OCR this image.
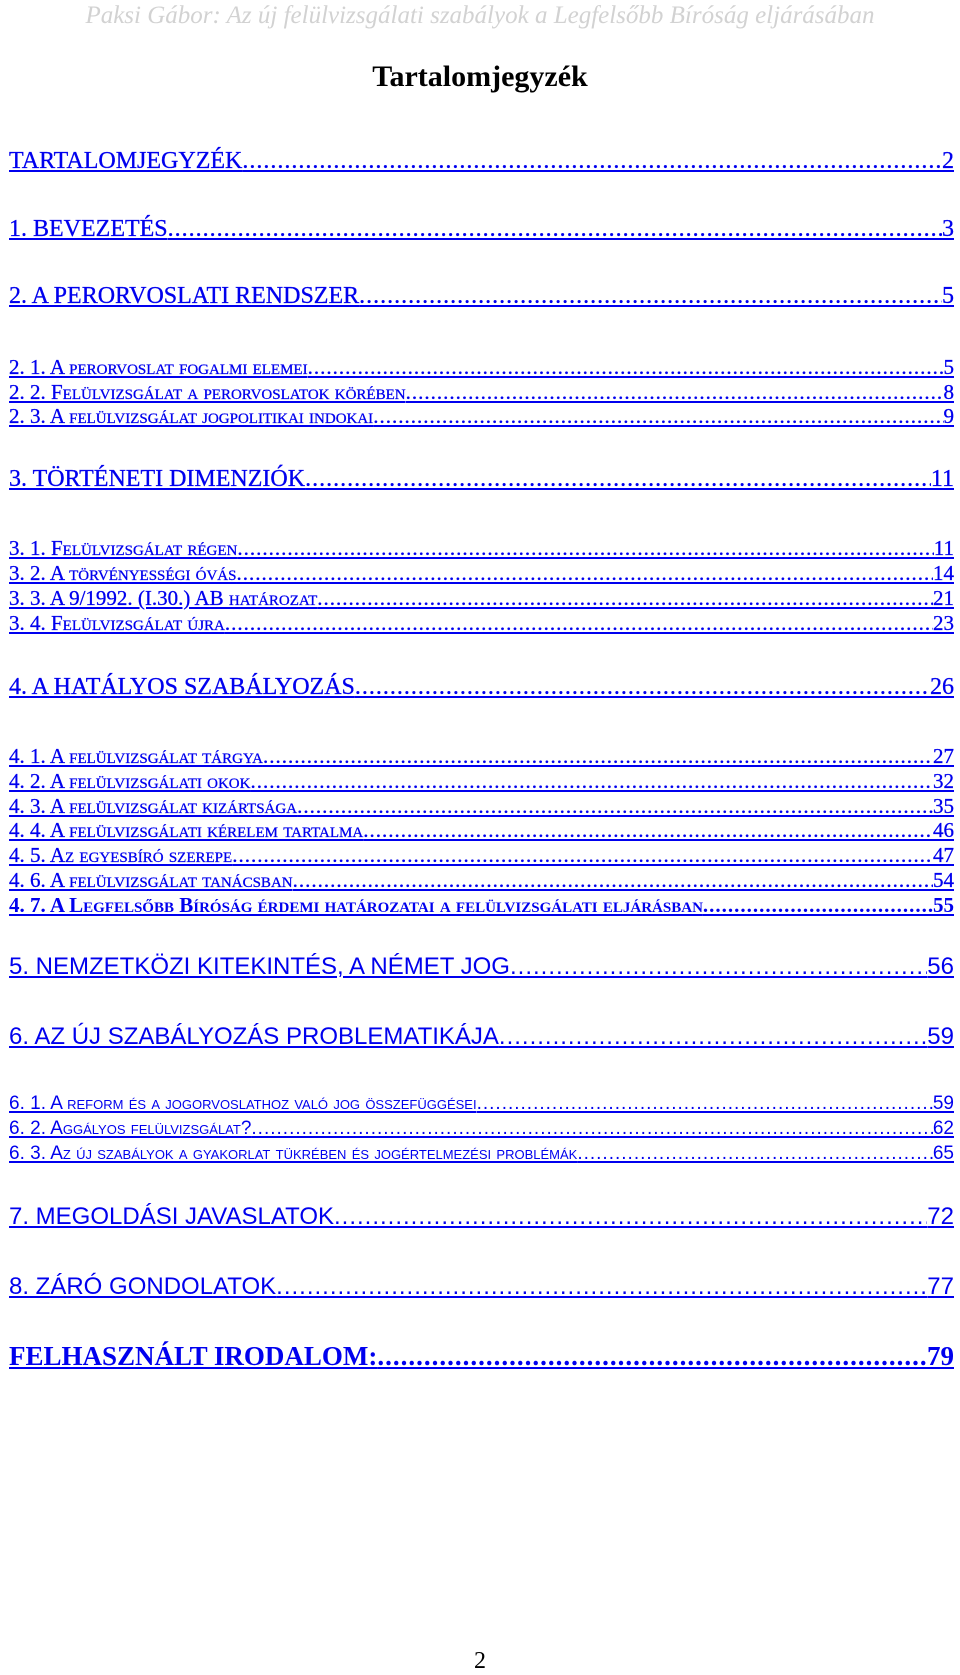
Paksi Gábor: Az új felülvizsgálati szabályok a Legfelsőbb Bíróság eljárásában
Tartalomjegyzék
TARTALOMJEGYZÉK .....	2
1. BEVEZETÉS .....	3
2. A PERORVOSLATI RENDSZER .....	5
2. 1. A perorvoslat fogalmi elemei .....	5
2. 2. Felülvizsgálat a perorvoslatok körében .....	8
2. 3. A felülvizsgálat jogpolitikai indokai .....	9
3. TÖRTÉNETI DIMENZIÓK .....	11
3. 1. Felülvizsgálat régen .....	11
3. 2. A törvényességi óvás .....	14
3. 3. A 9/1992. (I.30.) AB határozat .....	21
3. 4. Felülvizsgálat újra .....	23
4. A HATÁLYOS SZABÁLYOZÁS .....	26
4. 1. A felülvizsgálat tárgya .....	27
4. 2. A felülvizsgálati okok .....	32
4. 3. A felülvizsgálat kizártsága .....	35
4. 4. A felülvizsgálati kérelem tartalma .....	46
4. 5. Az egyesbíró szerepe .....	47
4. 6. A felülvizsgálat tanácsban .....	54
4. 7. A Legfelsőbb Bíróság érdemi határozatai a felülvizsgálati eljárásban .....	55
5. NEMZETKÖZI KITEKINTÉS, A NÉMET JOG .....	56
6. AZ ÚJ SZABÁLYOZÁS PROBLEMATIKÁJA .....	59
6. 1. A reform és a jogorvoslathoz való jog összefüggései .....	59
6. 2. Aggályos felülvizsgálat? .....	62
6. 3. Az új szabályok a gyakorlat tükrében és jogértelmezési problémák .....	65
7. MEGOLDÁSI JAVASLATOK .....	72
8. ZÁRÓ GONDOLATOK .....	77
FELHASZNÁLT IRODALOM: .....	79
2
